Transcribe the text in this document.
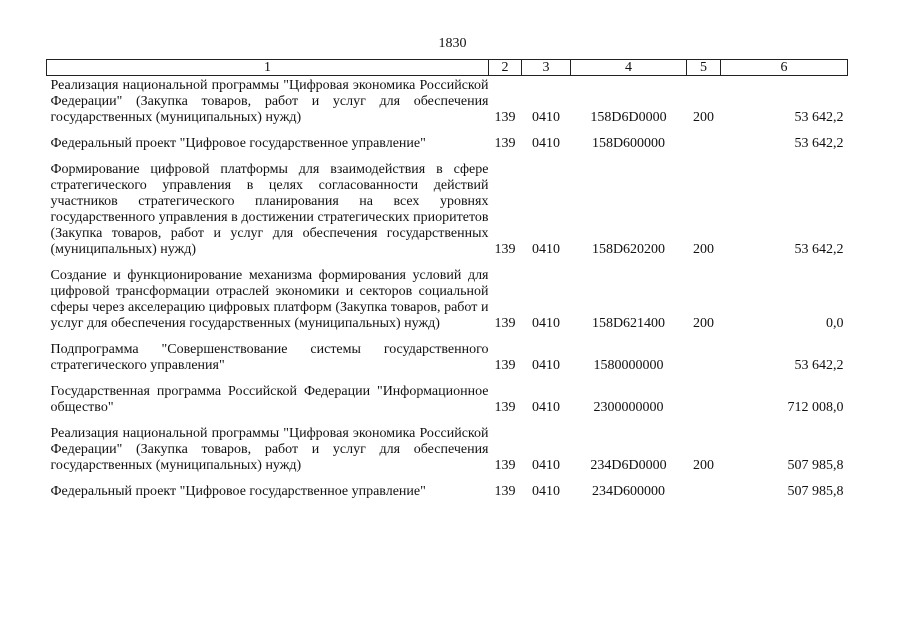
1830
1	2	3	4	5	6
Реализация национальной программы "Цифровая экономика Российской Федерации" (Закупка товаров, работ и услуг для обеспечения государственных (муниципальных) нужд)	139	0410	158D6D0000	200	53 642,2
Федеральный проект "Цифровое государственное управление"	139	0410	158D600000		53 642,2
Формирование цифровой платформы для взаимодействия в сфере стратегического управления в целях согласованности действий участников стратегического планирования на всех уровнях государственного управления в достижении стратегических приоритетов (Закупка товаров, работ и услуг для обеспечения государственных (муниципальных) нужд)	139	0410	158D620200	200	53 642,2
Создание и функционирование механизма формирования условий для цифровой трансформации отраслей экономики и секторов социальной сферы через акселерацию цифровых платформ (Закупка товаров, работ и услуг для обеспечения государственных (муниципальных) нужд)	139	0410	158D621400	200	0,0
Подпрограмма "Совершенствование системы государственного стратегического управления"	139	0410	1580000000		53 642,2
Государственная программа Российской Федерации "Информационное общество"	139	0410	2300000000		712 008,0
Реализация национальной программы "Цифровая экономика Российской Федерации" (Закупка товаров, работ и услуг для обеспечения государственных (муниципальных) нужд)	139	0410	234D6D0000	200	507 985,8
Федеральный проект "Цифровое государственное управление"	139	0410	234D600000		507 985,8
